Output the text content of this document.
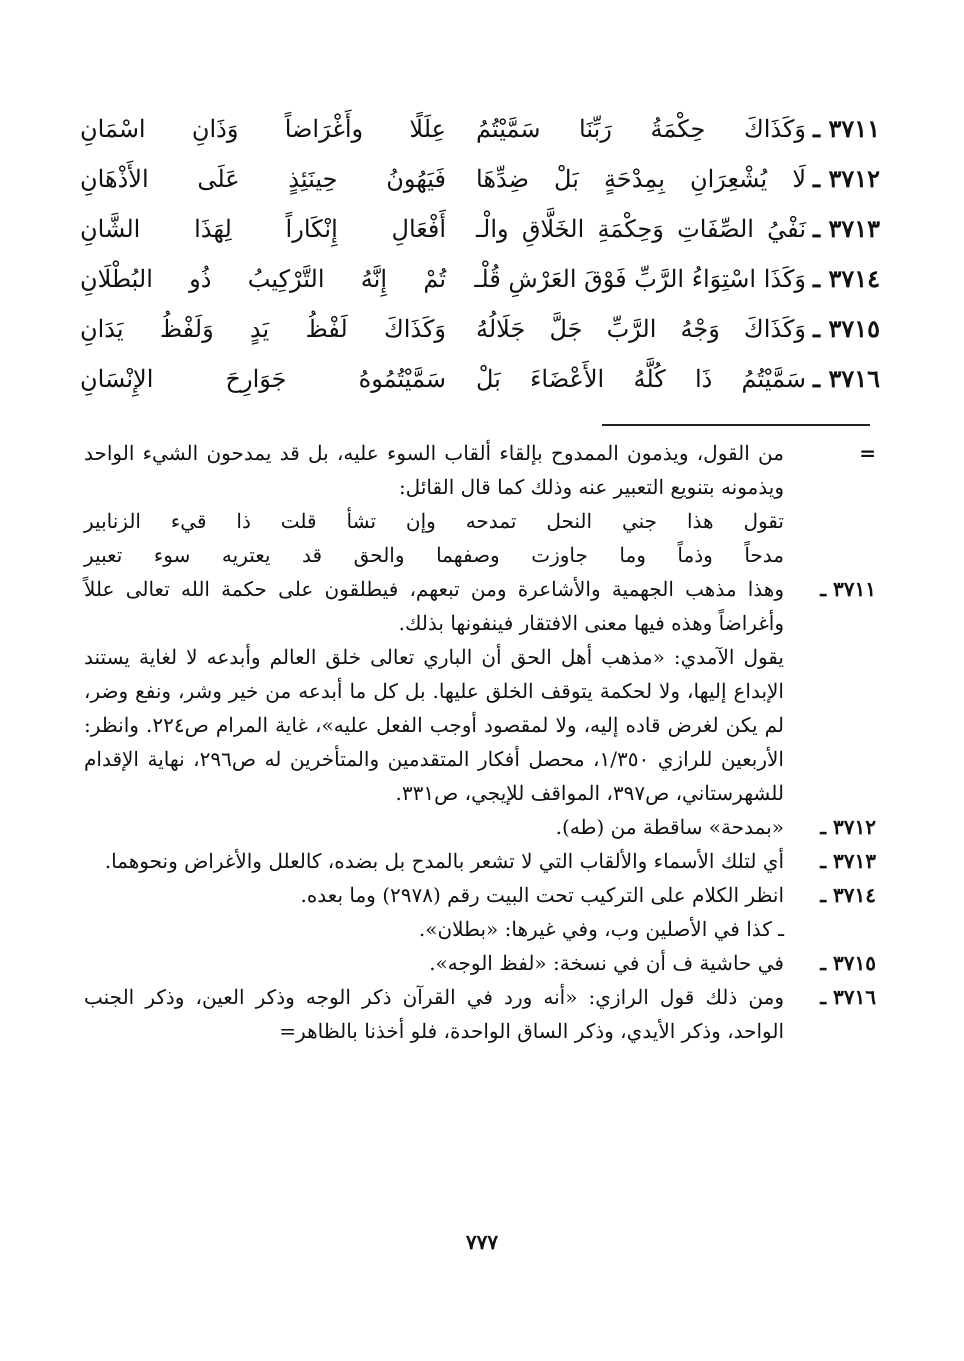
٣٧١١ ـ
وَكَذَاكَ حِكْمَةُ رَبِّنَا سَمَّيْتُمُ
عِلَلًا وأَغْرَاضاً وَذَانِ اسْمَانِ
٣٧١٢ ـ
لَا يُشْعِرَانِ بِمِدْحَةٍ بَلْ ضِدِّهَا
فَيَهُونُ حِينَئِذٍ عَلَى الأَذْهَانِ
٣٧١٣ ـ
نَفْيُ الصِّفَاتِ وَحِكْمَةِ الخَلَّاقِ والْـ
أَفْعَالِ إِنْكَاراً لِهَذَا الشَّانِ
٣٧١٤ ـ
وَكَذَا اسْتِوَاءُ الرَّبِّ فَوْقَ العَرْشِ قُلْـ
تُمْ إِنَّهُ التَّرْكِيبُ ذُو البُطْلَانِ
٣٧١٥ ـ
وَكَذَاكَ وَجْهُ الرَّبِّ جَلَّ جَلَالُهُ
وَكَذَاكَ لَفْظُ يَدٍ وَلَفْظُ يَدَانِ
٣٧١٦ ـ
سَمَّيْتُمُ ذَا كُلَّهُ الأَعْضَاءَ بَلْ
سَمَّيْتُمُوهُ جَوَارِحَ الإِنْسَانِ
=

من القول، ويذمون الممدوح بإلقاء ألقاب السوء عليه، بل قد يمدحون الشيء الواحد ويذمونه بتنويع التعبير عنه وذلك كما قال القائل:

تقول هذا جني النحل تمدحه وإن تشأ قلت ذا قيء الزنابير

مدحاً وذماً وما جاوزت وصفهما والحق قد يعتريه سوء تعبير

٣٧١١ ـ

وهذا مذهب الجهمية والأشاعرة ومن تبعهم، فيطلقون على حكمة الله تعالى عللاً وأغراضاً وهذه فيها معنى الافتقار فينفونها بذلك.

يقول الآمدي: «مذهب أهل الحق أن الباري تعالى خلق العالم وأبدعه لا لغاية يستند الإبداع إليها، ولا لحكمة يتوقف الخلق عليها. بل كل ما أبدعه من خير وشر، ونفع وضر، لم يكن لغرض قاده إليه، ولا لمقصود أوجب الفعل عليه»، غاية المرام ص٢٢٤. وانظر: الأربعين للرازي ١/٣٥٠، محصل أفكار المتقدمين والمتأخرين له ص٢٩٦، نهاية الإقدام للشهرستاني، ص٣٩٧، المواقف للإيجي، ص٣٣١.

٣٧١٢ ـ

«بمدحة» ساقطة من (طه).

٣٧١٣ ـ

أي لتلك الأسماء والألقاب التي لا تشعر بالمدح بل بضده، كالعلل والأغراض ونحوهما.

٣٧١٤ ـ

انظر الكلام على التركيب تحت البيت رقم (٢٩٧٨) وما بعده.

ـ كذا في الأصلين وب، وفي غيرها: «بطلان».

٣٧١٥ ـ

في حاشية ف أن في نسخة: «لفظ الوجه».

٣٧١٦ ـ

ومن ذلك قول الرازي: «أنه ورد في القرآن ذكر الوجه وذكر العين، وذكر الجنب الواحد، وذكر الأيدي، وذكر الساق الواحدة، فلو أخذنا بالظاهر=

٧٧٧
